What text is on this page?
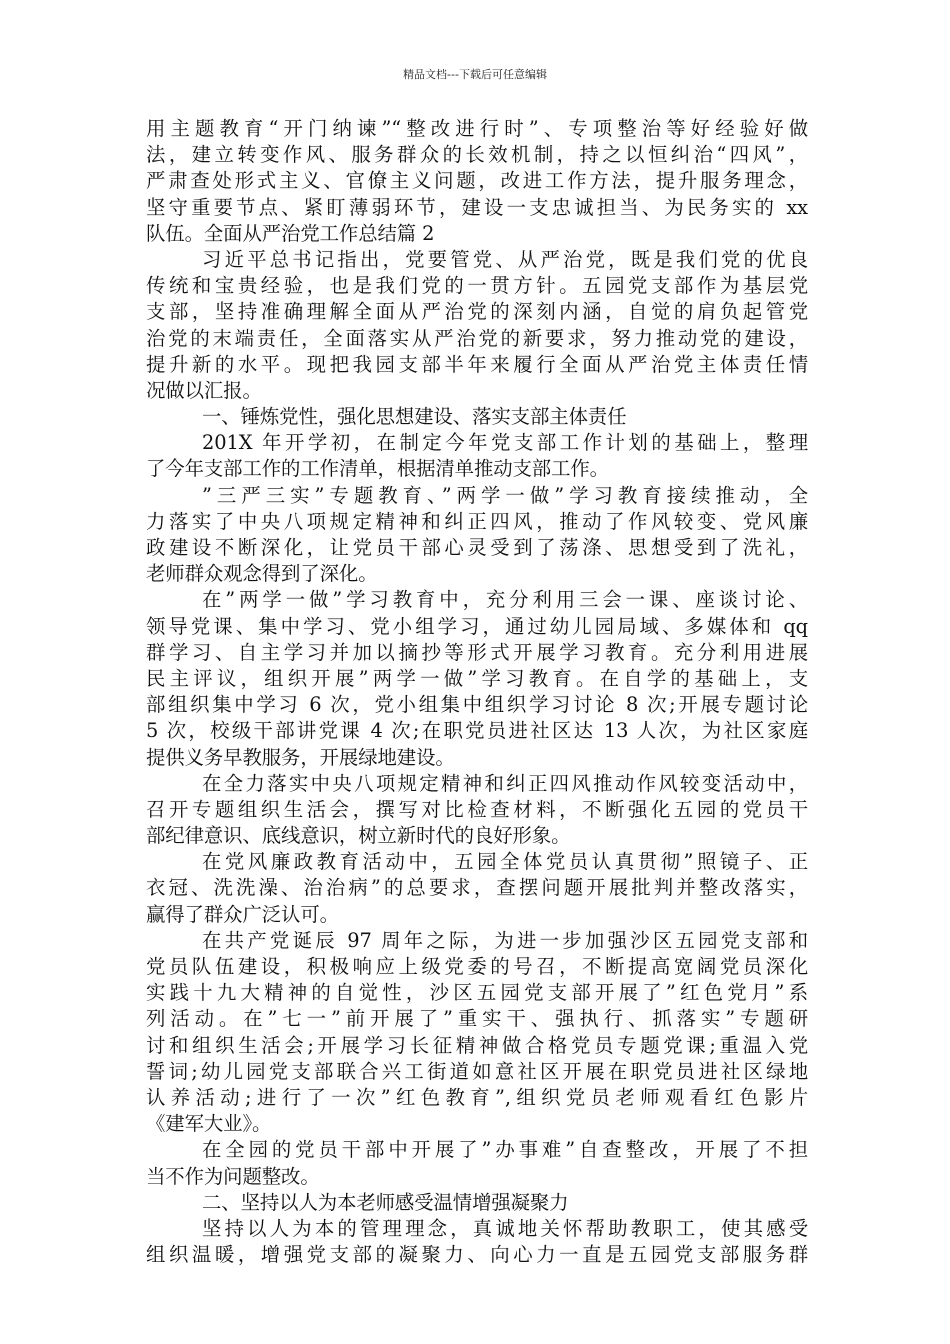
精品文档---下载后可任意编辑
用主题教育“开门纳谏”“整改进行时”、专项整治等好经验好做
法，建立转变作风、服务群众的长效机制，持之以恒纠治“四风”，
严肃查处形式主义、官僚主义问题，改进工作方法，提升服务理念，
坚守重要节点、紧盯薄弱环节，建设一支忠诚担当、为民务实的 xx
队伍。全面从严治党工作总结篇 2
习近平总书记指出，党要管党、从严治党，既是我们党的优良
传统和宝贵经验，也是我们党的一贯方针。五园党支部作为基层党
支部，坚持准确理解全面从严治党的深刻内涵，自觉的肩负起管党
治党的末端责任，全面落实从严治党的新要求，努力推动党的建设，
提升新的水平。现把我园支部半年来履行全面从严治党主体责任情
况做以汇报。
一、锤炼党性，强化思想建设、落实支部主体责任
201X 年开学初，在制定今年党支部工作计划的基础上，整理
了今年支部工作的工作清单，根据清单推动支部工作。
”三严三实”专题教育、”两学一做”学习教育接续推动，全
力落实了中央八项规定精神和纠正四风，推动了作风较变、党风廉
政建设不断深化，让党员干部心灵受到了荡涤、思想受到了洗礼，
老师群众观念得到了深化。
在”两学一做”学习教育中，充分利用三会一课、座谈讨论、
领导党课、集中学习、党小组学习，通过幼儿园局域、多媒体和 qq
群学习、自主学习并加以摘抄等形式开展学习教育。充分利用进展
民主评议，组织开展”两学一做”学习教育。在自学的基础上，支
部组织集中学习 6 次，党小组集中组织学习讨论 8 次;开展专题讨论
5 次，校级干部讲党课 4 次;在职党员进社区达 13 人次，为社区家庭
提供义务早教服务，开展绿地建设。
在全力落实中央八项规定精神和纠正四风推动作风较变活动中，
召开专题组织生活会，撰写对比检查材料，不断强化五园的党员干
部纪律意识、底线意识，树立新时代的良好形象。
在党风廉政教育活动中，五园全体党员认真贯彻”照镜子、正
衣冠、洗洗澡、治治病”的总要求，查摆问题开展批判并整改落实，
赢得了群众广泛认可。
在共产党诞辰 97 周年之际，为进一步加强沙区五园党支部和
党员队伍建设，积极响应上级党委的号召，不断提高宽阔党员深化
实践十九大精神的自觉性，沙区五园党支部开展了”红色党月”系
列活动。在”七一”前开展了”重实干、强执行、抓落实”专题研
讨和组织生活会;开展学习长征精神做合格党员专题党课;重温入党
誓词;幼儿园党支部联合兴工街道如意社区开展在职党员进社区绿地
认养活动;进行了一次”红色教育”,组织党员老师观看红色影片
《建军大业》。
在全园的党员干部中开展了”办事难”自查整改，开展了不担
当不作为问题整改。
二、坚持以人为本老师感受温情增强凝聚力
坚持以人为本的管理理念，真诚地关怀帮助教职工，使其感受
组织温暖，增强党支部的凝聚力、向心力一直是五园党支部服务群
